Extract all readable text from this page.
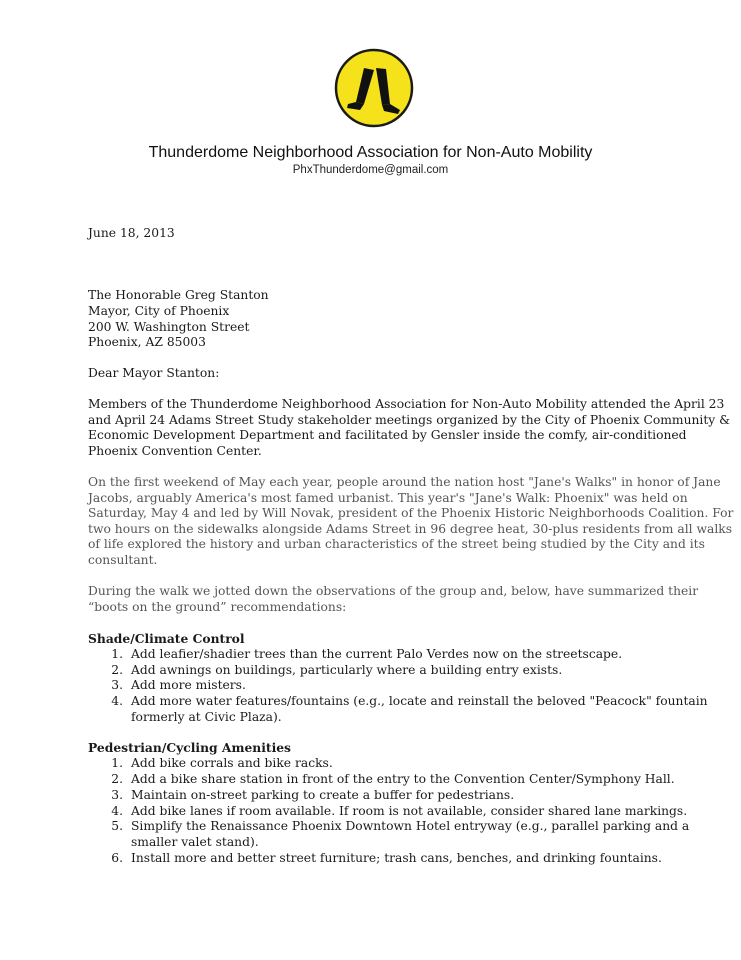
Thunderdome Neighborhood Association for Non-Auto Mobility
PhxThunderdome@gmail.com
June 18, 2013
The Honorable Greg Stanton
Mayor, City of Phoenix
200 W. Washington Street
Phoenix, AZ 85003
Dear Mayor Stanton:
Members of the Thunderdome Neighborhood Association for Non-Auto Mobility attended the April 23
and April 24 Adams Street Study stakeholder meetings organized by the City of Phoenix Community &
Economic Development Department and facilitated by Gensler inside the comfy, air-conditioned
Phoenix Convention Center.
On the first weekend of May each year, people around the nation host "Jane's Walks" in honor of Jane
Jacobs, arguably America's most famed urbanist. This year's "Jane's Walk: Phoenix" was held on
Saturday, May 4 and led by Will Novak, president of the Phoenix Historic Neighborhoods Coalition. For
two hours on the sidewalks alongside Adams Street in 96 degree heat, 30-plus residents from all walks
of life explored the history and urban characteristics of the street being studied by the City and its
consultant.
During the walk we jotted down the observations of the group and, below, have summarized their
“boots on the ground” recommendations:
Shade/Climate Control
1. Add leafier/shadier trees than the current Palo Verdes now on the streetscape.
2. Add awnings on buildings, particularly where a building entry exists.
3. Add more misters.
4. Add more water features/fountains (e.g., locate and reinstall the beloved "Peacock" fountain
formerly at Civic Plaza).
Pedestrian/Cycling Amenities
1. Add bike corrals and bike racks.
2. Add a bike share station in front of the entry to the Convention Center/Symphony Hall.
3. Maintain on-street parking to create a buffer for pedestrians.
4. Add bike lanes if room available. If room is not available, consider shared lane markings.
5. Simplify the Renaissance Phoenix Downtown Hotel entryway (e.g., parallel parking and a
smaller valet stand).
6. Install more and better street furniture; trash cans, benches, and drinking fountains.
